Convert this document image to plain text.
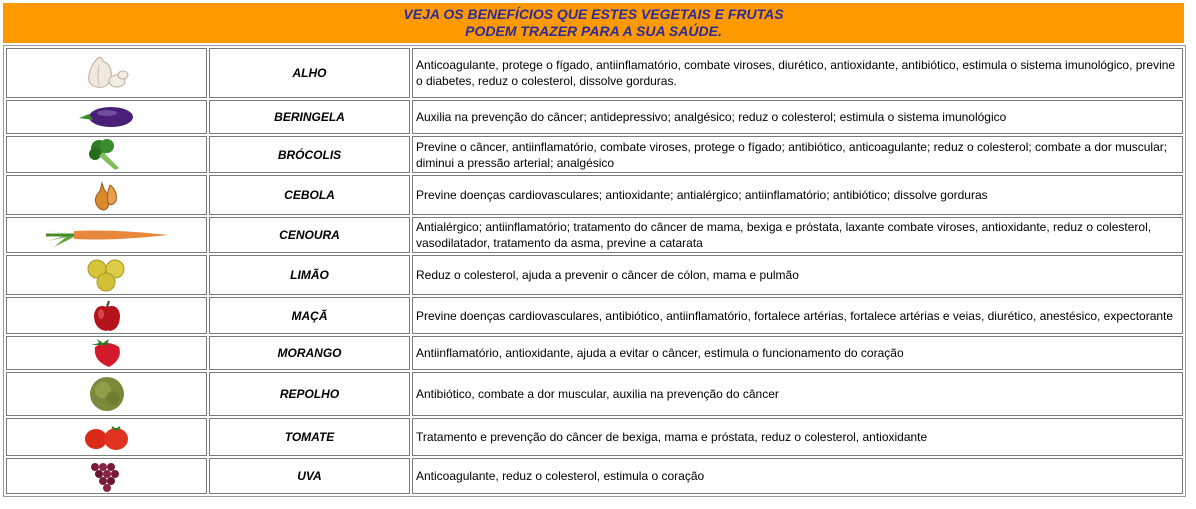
VEJA OS BENEFÍCIOS QUE ESTES VEGETAIS E FRUTAS
PODEM TRAZER PARA A SUA SAÚDE.
	ALHO	Anticoagulante, protege o fígado, antiinflamatório, combate viroses, diurético, antioxidante, antibiótico, estimula o sistema imunológico, previne o diabetes, reduz o colesterol, dissolve gorduras.

	BERINGELA	Auxilia na prevenção do câncer; antidepressivo; analgésico; reduz o colesterol; estimula o sistema imunológico

	BRÓCOLIS	Previne o câncer, antiinflamatório, combate viroses, protege o fígado; antibiótico, anticoagulante; reduz o colesterol; combate a dor muscular; diminui a pressão arterial; analgésico

	CEBOLA	Previne doenças cardiovasculares; antioxidante; antialérgico; antiinflamatório; antibiótico; dissolve gorduras

	CENOURA	Antialérgico; antiinflamatório; tratamento do câncer de mama, bexiga e próstata, laxante combate viroses, antioxidante, reduz o colesterol, vasodilatador, tratamento da asma, previne a catarata

	LIMÃO	Reduz o colesterol, ajuda a prevenir o câncer de cólon, mama e pulmão

	MAÇÃ	Previne doenças cardiovasculares, antibiótico, antiinflamatório, fortalece artérias, fortalece artérias e veias, diurético, anestésico, expectorante

	MORANGO	Antiinflamatório, antioxidante, ajuda a evitar o câncer, estimula o funcionamento do coração

	REPOLHO	Antibiótico, combate a dor muscular, auxilia na prevenção do câncer

	TOMATE	Tratamento e prevenção do câncer de bexiga, mama e próstata, reduz o colesterol, antioxidante

	UVA	Anticoagulante, reduz o colesterol, estimula o coração
